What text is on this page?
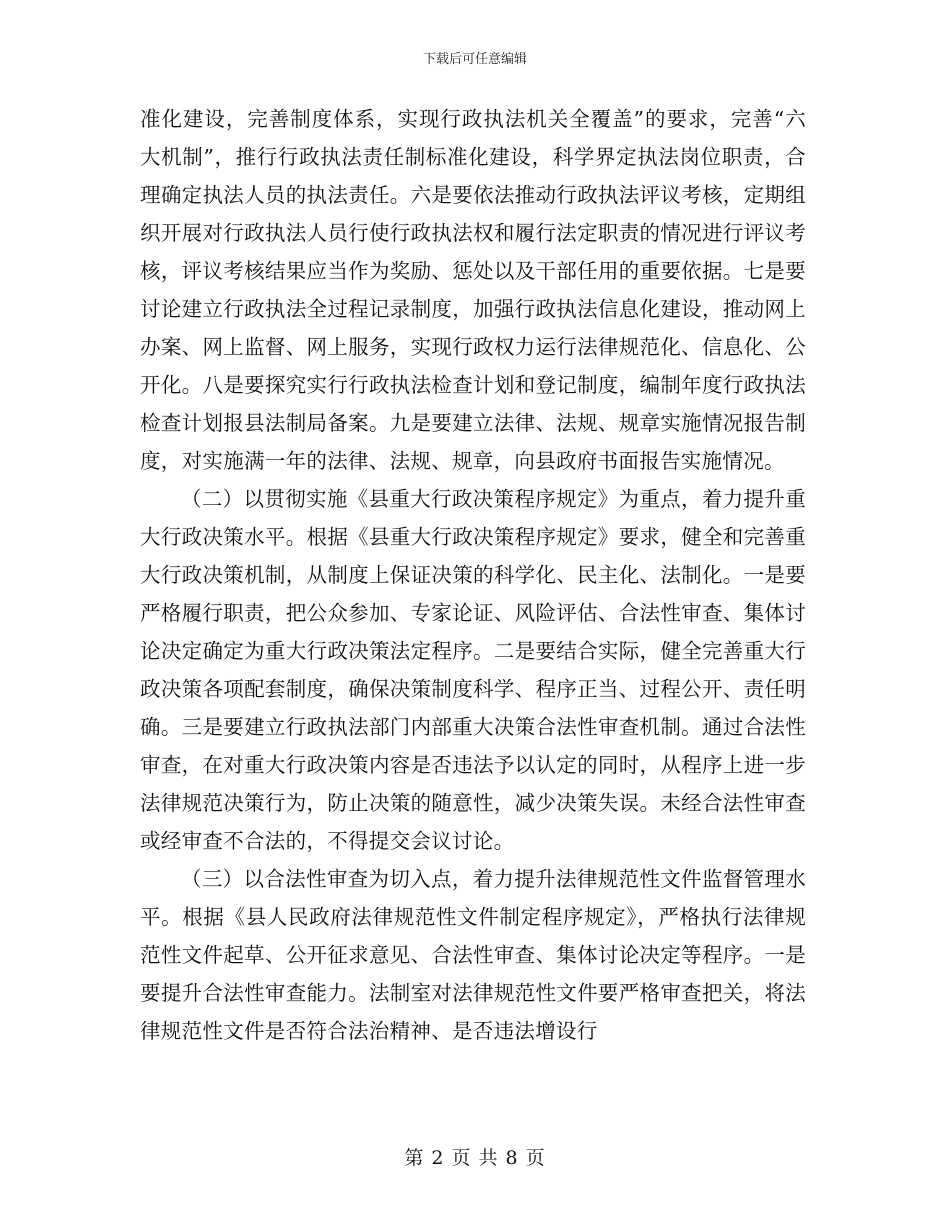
下载后可任意编辑

准化建设，完善制度体系，实现行政执法机关全覆盖”的要求，完善“六大机制”，推行行政执法责任制标准化建设，科学界定执法岗位职责，合理确定执法人员的执法责任。六是要依法推动行政执法评议考核，定期组织开展对行政执法人员行使行政执法权和履行法定职责的情况进行评议考核，评议考核结果应当作为奖励、惩处以及干部任用的重要依据。七是要讨论建立行政执法全过程记录制度，加强行政执法信息化建设，推动网上办案、网上监督、网上服务，实现行政权力运行法律规范化、信息化、公开化。八是要探究实行行政执法检查计划和登记制度，编制年度行政执法检查计划报县法制局备案。九是要建立法律、法规、规章实施情况报告制度，对实施满一年的法律、法规、规章，向县政府书面报告实施情况。

（二）以贯彻实施《县重大行政决策程序规定》为重点，着力提升重大行政决策水平。根据《县重大行政决策程序规定》要求，健全和完善重大行政决策机制，从制度上保证决策的科学化、民主化、法制化。一是要严格履行职责，把公众参加、专家论证、风险评估、合法性审查、集体讨论决定确定为重大行政决策法定程序。二是要结合实际，健全完善重大行政决策各项配套制度，确保决策制度科学、程序正当、过程公开、责任明确。三是要建立行政执法部门内部重大决策合法性审查机制。通过合法性审查，在对重大行政决策内容是否违法予以认定的同时，从程序上进一步法律规范决策行为，防止决策的随意性，减少决策失误。未经合法性审查或经审查不合法的，不得提交会议讨论。

（三）以合法性审查为切入点，着力提升法律规范性文件监督管理水平。根据《县人民政府法律规范性文件制定程序规定》，严格执行法律规范性文件起草、公开征求意见、合法性审查、集体讨论决定等程序。一是要提升合法性审查能力。法制室对法律规范性文件要严格审查把关，将法律规范性文件是否符合法治精神、是否违法增设行

第 2 页 共 8 页
